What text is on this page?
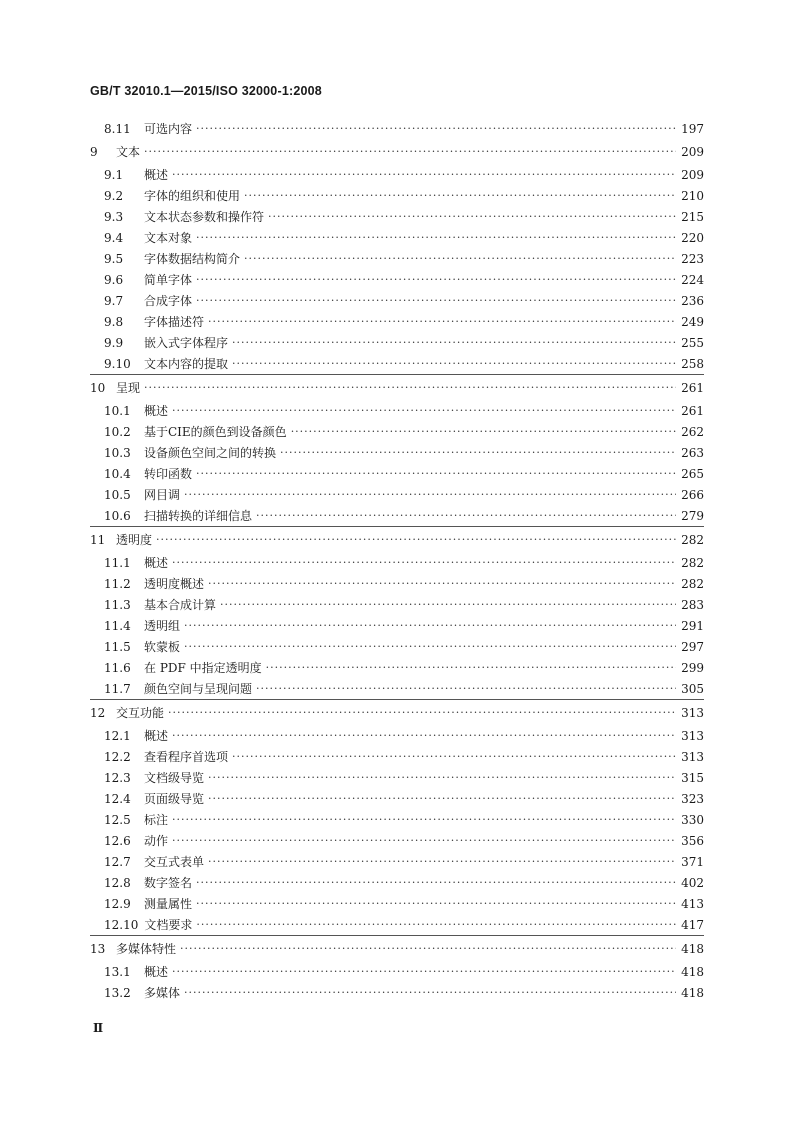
GB/T 32010.1—2015/ISO 32000-1:2008
8.11	可选内容 ·····	197
9	文本 ·····	209
9.1	概述 ·····	209
9.2	字体的组织和使用 ·····	210
9.3	文本状态参数和操作符 ·····	215
9.4	文本对象 ·····	220
9.5	字体数据结构简介 ·····	223
9.6	简单字体 ·····	224
9.7	合成字体 ·····	236
9.8	字体描述符 ·····	249
9.9	嵌入式字体程序 ·····	255
9.10	文本内容的提取 ·····	258
10 呈现 ·····	261
10.1	概述 ·····	261
10.2	基于CIE的颜色到设备颜色 ·····	262
10.3	设备颜色空间之间的转换 ·····	263
10.4	转印函数 ·····	265
10.5	网目调 ·····	266
10.6	扫描转换的详细信息 ·····	279
11 透明度 ·····	282
11.1	概述 ·····	282
11.2	透明度概述 ·····	282
11.3	基本合成计算 ·····	283
11.4	透明组 ·····	291
11.5	软蒙板 ·····	297
11.6	在 PDF 中指定透明度 ·····	299
11.7	颜色空间与呈现问题 ·····	305
12 交互功能 ·····	313
12.1	概述 ·····	313
12.2	查看程序首选项 ·····	313
12.3	文档级导览 ·····	315
12.4	页面级导览 ·····	323
12.5	标注 ·····	330
12.6	动作 ·····	356
12.7	交互式表单 ·····	371
12.8	数字签名 ·····	402
12.9	测量属性 ·····	413
12.10 文档要求 ·····	417
13 多媒体特性 ·····	418
13.1	概述 ·····	418
13.2	多媒体 ·····	418
Ⅱ
